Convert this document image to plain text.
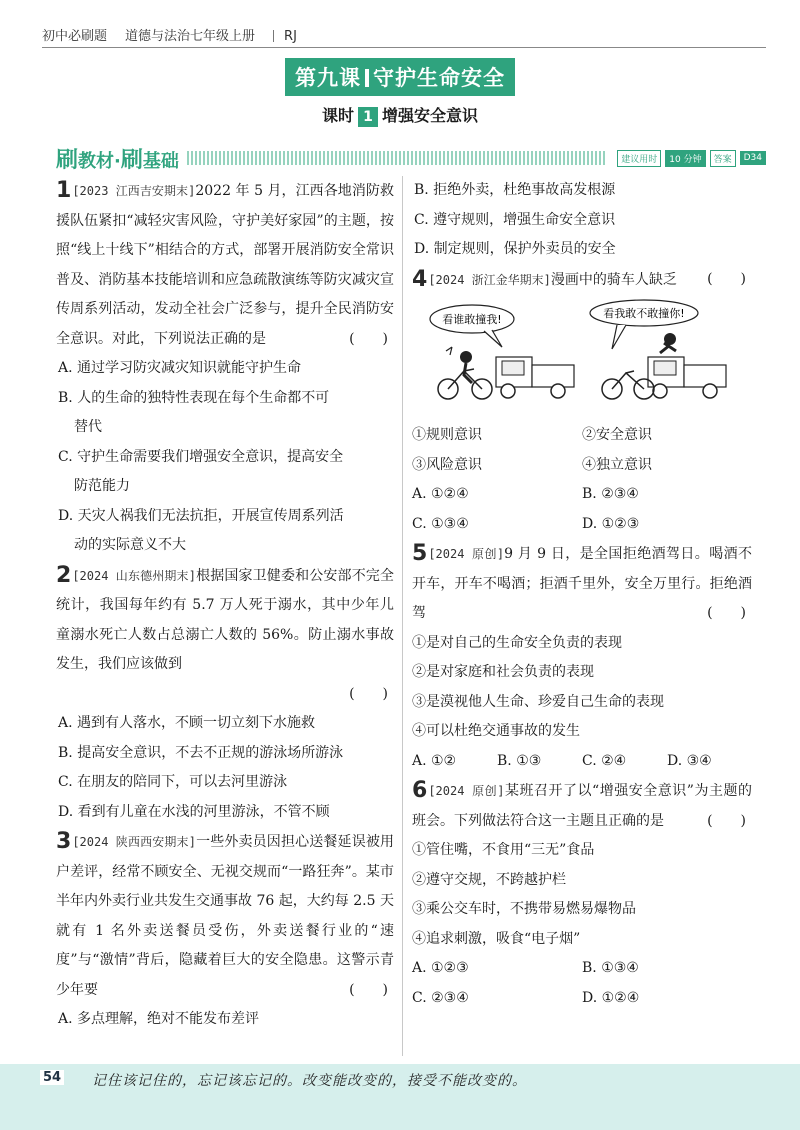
初中必刷题 道德与法治七年级上册 RJ
第九课 守护生命安全
课时 1 增强安全意识
刷教材·刷基础	建议用时	10 分钟	答案	D34

1[2023 江西吉安期末]2022 年 5 月，江西各地消防救援队伍紧扣“减轻灾害风险，守护美好家园”的主题，按照“线上十线下”相结合的方式，部署开展消防安全常识普及、消防基本技能培训和应急疏散演练等防灾减灾宣传周系列活动，发动全社会广泛参与，提升全民消防安全意识。对此，下列说法正确的是	(　　)

A. 通过学习防灾减灾知识就能守护生命
B. 人的生命的独特性表现在每个生命都不可
替代
C. 守护生命需要我们增强安全意识，提高安全
防范能力
D. 天灾人祸我们无法抗拒，开展宣传周系列活
动的实际意义不大

2[2024 山东德州期末]根据国家卫健委和公安部不完全统计，我国每年约有 5.7 万人死于溺水，其中少年儿童溺水死亡人数占总溺亡人数的 56%。防止溺水事故发生，我们应该做到

(　　)
A. 遇到有人落水，不顾一切立刻下水施救
B. 提高安全意识，不去不正规的游泳场所游泳
C. 在朋友的陪同下，可以去河里游泳
D. 看到有儿童在水浅的河里游泳，不管不顾

3[2024 陕西西安期末]一些外卖员因担心送餐延误被用户差评，经常不顾安全、无视交规而“一路狂奔”。某市半年内外卖行业共发生交通事故 76 起，大约每 2.5 天就有 1 名外卖送餐员受伤，外卖送餐行业的“速度”与“激情”背后，隐藏着巨大的安全隐患。这警示青少年要	(　　)

A. 多点理解，绝对不能发布差评
B. 拒绝外卖，杜绝事故高发根源
C. 遵守规则，增强生命安全意识
D. 制定规则，保护外卖员的安全

4[2024 浙江金华期末]漫画中的骑车人缺乏 (　　)

看谁敢撞我!	看我敢不敢撞你!
①规则意识	②安全意识
③风险意识	④独立意识
A. ①②④	B. ②③④
C. ①③④	D. ①②③

5[2024 原创]9 月 9 日，是全国拒绝酒驾日。喝酒不开车，开车不喝酒；拒酒千里外，安全万里行。拒绝酒驾	(　　)

①是对自己的生命安全负责的表现
②是对家庭和社会负责的表现
③是漠视他人生命、珍爱自己生命的表现
④可以杜绝交通事故的发生
A. ①②	B. ①③	C. ②④	D. ③④

6[2024 原创]某班召开了以“增强安全意识”为主题的班会。下列做法符合这一主题且正确的是	(　　)

①管住嘴，不食用“三无”食品
②遵守交规，不跨越护栏
③乘公交车时，不携带易燃易爆物品
④追求刺激，吸食“电子烟”
A. ①②③	B. ①③④
C. ②③④	D. ①②④
54 记住该记住的，忘记该忘记的。改变能改变的，接受不能改变的。
